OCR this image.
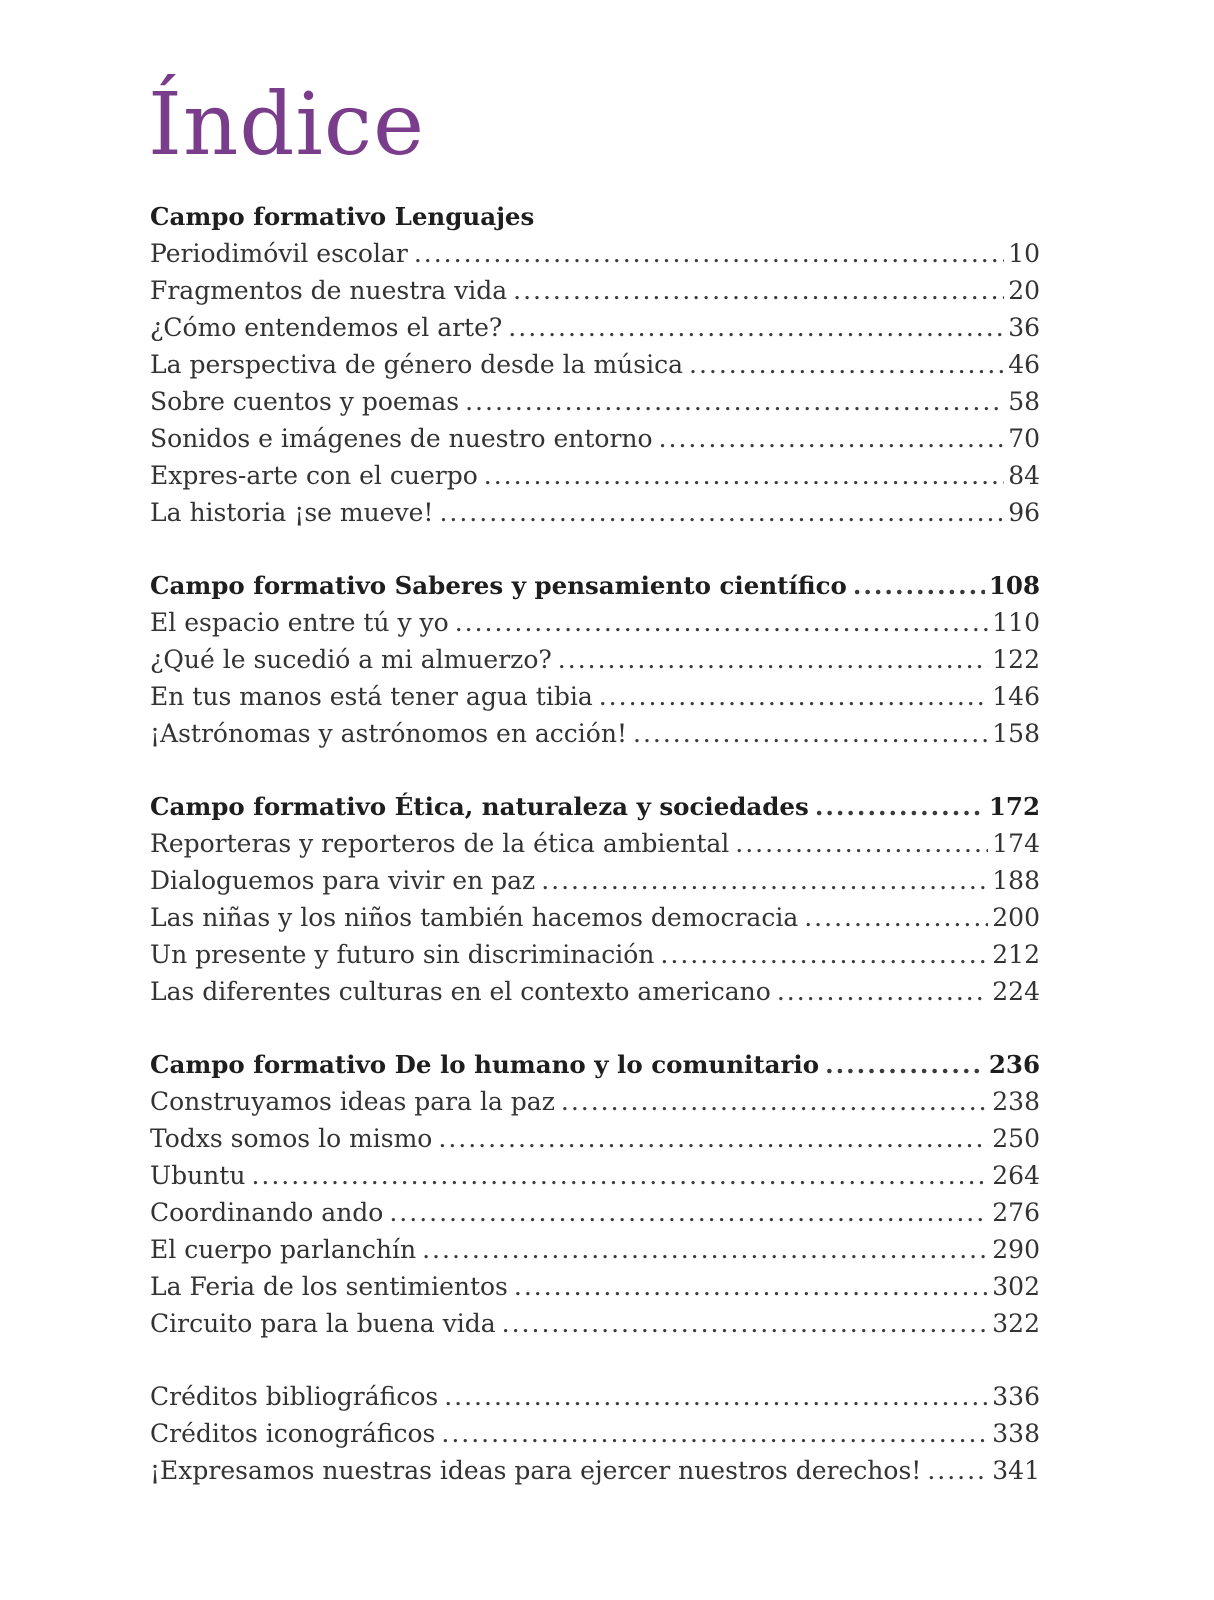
Índice
Campo formativo Lenguajes
Periodimóvil escolar .....	10
Fragmentos de nuestra vida .....	20
¿Cómo entendemos el arte? .....	36
La perspectiva de género desde la música .....	46
Sobre cuentos y poemas .....	58
Sonidos e imágenes de nuestro entorno .....	70
Expres-arte con el cuerpo .....	84
La historia ¡se mueve! .....	96
Campo formativo Saberes y pensamiento científico .....	108
El espacio entre tú y yo .....	110
¿Qué le sucedió a mi almuerzo? .....	122
En tus manos está tener agua tibia .....	146
¡Astrónomas y astrónomos en acción! .....	158
Campo formativo Ética, naturaleza y sociedades .....	172
Reporteras y reporteros de la ética ambiental .....	174
Dialoguemos para vivir en paz .....	188
Las niñas y los niños también hacemos democracia .....	200
Un presente y futuro sin discriminación .....	212
Las diferentes culturas en el contexto americano .....	224
Campo formativo De lo humano y lo comunitario .....	236
Construyamos ideas para la paz .....	238
Todxs somos lo mismo .....	250
Ubuntu .....	264
Coordinando ando .....	276
El cuerpo parlanchín .....	290
La Feria de los sentimientos .....	302
Circuito para la buena vida .....	322
Créditos bibliográficos .....	336
Créditos iconográficos .....	338
¡Expresamos nuestras ideas para ejercer nuestros derechos! .....	341
